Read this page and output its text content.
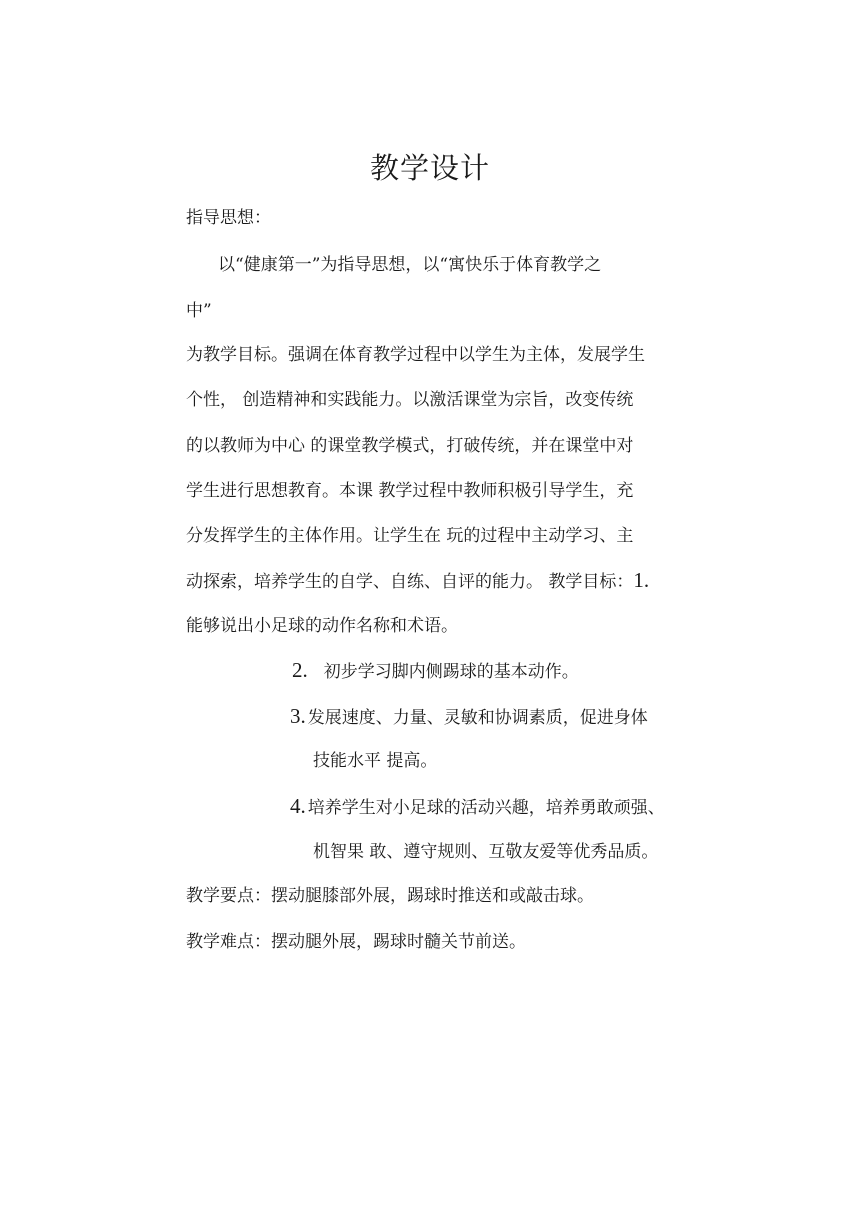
教学设计
指导思想：
以“健康第一”为指导思想，以“寓快乐于体育教学之
中”
为教学目标。强调在体育教学过程中以学生为主体，发展学生
个性， 创造精神和实践能力。以激活课堂为宗旨，改变传统
的以教师为中心 的课堂教学模式，打破传统，并在课堂中对
学生进行思想教育。本课 教学过程中教师积极引导学生，充
分发挥学生的主体作用。让学生在 玩的过程中主动学习、主
动探索，培养学生的自学、自练、自评的能力。 教学目标：1.
能够说出小足球的动作名称和术语。
2. 初步学习脚内侧踢球的基本动作。
3. 发展速度、力量、灵敏和协调素质，促进身体
技能水平 提高。
4. 培养学生对小足球的活动兴趣，培养勇敢顽强、
机智果 敢、遵守规则、互敬友爱等优秀品质。
教学要点：摆动腿膝部外展，踢球时推送和或敲击球。
教学难点：摆动腿外展，踢球时髓关节前送。
